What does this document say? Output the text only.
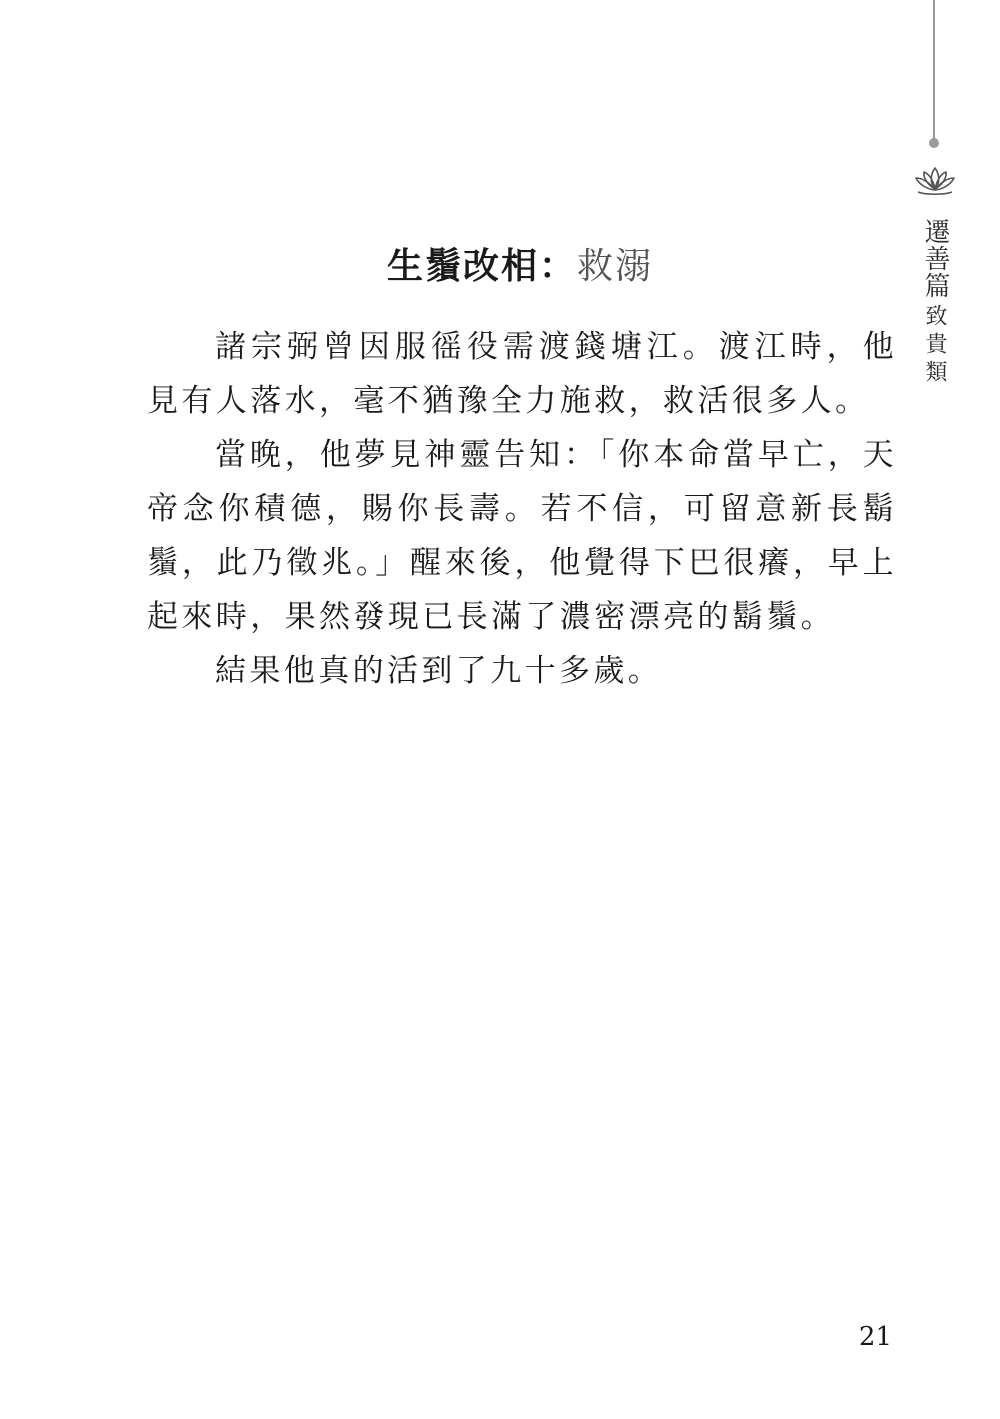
遷善篇
致貴類
生鬚改相：救溺

諸宗弼曾因服徭役需渡錢塘江。渡江時，他見有人落水，毫不猶豫全力施救，救活很多人。

當晚，他夢見神靈告知：「你本命當早亡，天帝念你積德，賜你長壽。若不信，可留意新長鬍鬚，此乃徵兆。」醒來後，他覺得下巴很癢，早上起來時，果然發現已長滿了濃密漂亮的鬍鬚。

結果他真的活到了九十多歲。

21
